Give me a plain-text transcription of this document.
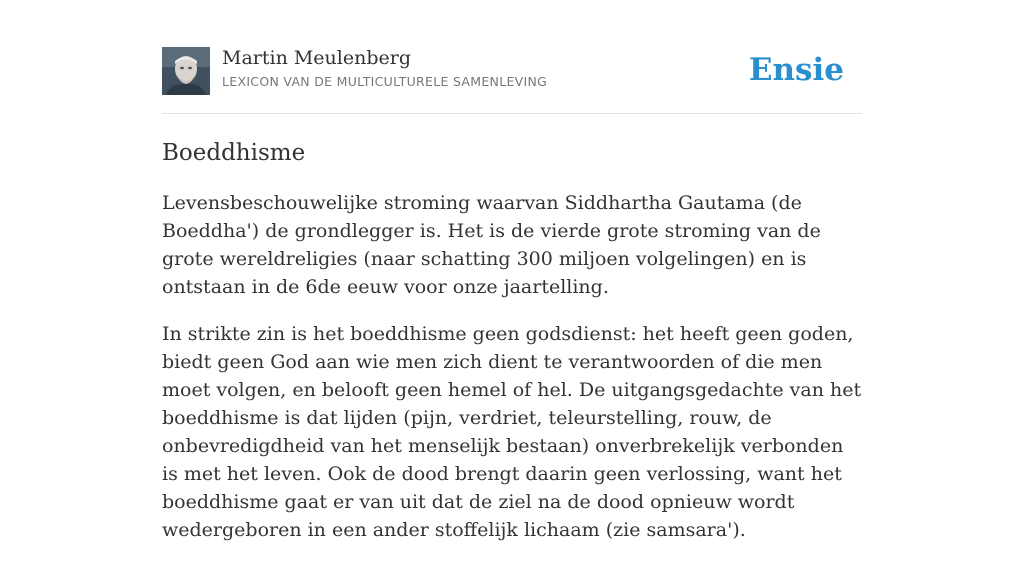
Martin Meulenberg
LEXICON VAN DE MULTICULTURELE SAMENLEVING	Ensie
Boeddhisme

Levensbeschouwelijke stroming waarvan Siddhartha Gautama (de Boeddha') de grondlegger is. Het is de vierde grote stroming van de grote wereldreligies (naar schatting 300 miljoen volgelingen) en is ontstaan in de 6de eeuw voor onze jaartelling.

In strikte zin is het boeddhisme geen godsdienst: het heeft geen goden, biedt geen God aan wie men zich dient te verantwoorden of die men moet volgen, en belooft geen hemel of hel. De uitgangsgedachte van het boeddhisme is dat lijden (pijn, verdriet, teleurstelling, rouw, de onbevredigdheid van het menselijk bestaan) onverbrekelijk verbonden is met het leven. Ook de dood brengt daarin geen verlossing, want het boeddhisme gaat er van uit dat de ziel na de dood opnieuw wordt wedergeboren in een ander stoffelijk lichaam (zie samsara').
